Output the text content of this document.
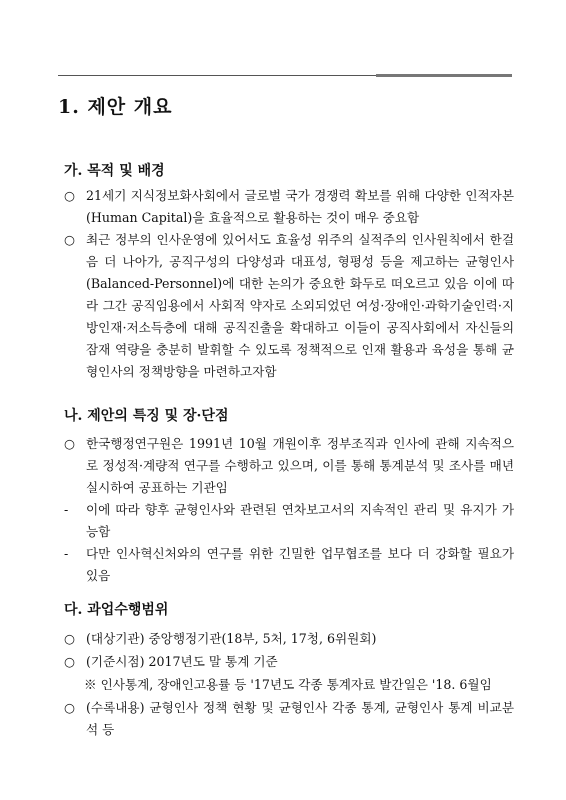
1. 제안 개요
가. 목적 및 배경
○ 21세기 지식정보화사회에서 글로벌 국가 경쟁력 확보를 위해 다양한 인적자본(Human Capital)을 효율적으로 활용하는 것이 매우 중요함
○ 최근 정부의 인사운영에 있어서도 효율성 위주의 실적주의 인사원칙에서 한걸음 더 나아가, 공직구성의 다양성과 대표성, 형평성 등을 제고하는 균형인사(Balanced-Personnel)에 대한 논의가 중요한 화두로 떠오르고 있음 이에 따라 그간 공직임용에서 사회적 약자로 소외되었던 여성·장애인·과학기술인력·지방인재·저소득층에 대해 공직진출을 확대하고 이들이 공직사회에서 자신들의 잠재 역량을 충분히 발휘할 수 있도록 정책적으로 인재 활용과 육성을 통해 균형인사의 정책방향을 마련하고자함
나. 제안의 특징 및 장·단점
○ 한국행정연구원은 1991년 10월 개원이후 정부조직과 인사에 관해 지속적으로 정성적·계량적 연구를 수행하고 있으며, 이를 통해 통계분석 및 조사를 매년 실시하여 공표하는 기관임
-	이에 따라 향후 균형인사와 관련된 연차보고서의 지속적인 관리 및 유지가 가능함
-	다만 인사혁신처와의 연구를 위한 긴밀한 업무협조를 보다 더 강화할 필요가 있음
다. 과업수행범위
○ (대상기관) 중앙행정기관(18부, 5처, 17청, 6위원회)
○ (기준시점) 2017년도 말 통계 기준
※ 인사통계, 장애인고용률 등 '17년도 각종 통계자료 발간일은 '18. 6월임
○ (수록내용) 균형인사 정책 현황 및 균형인사 각종 통계, 균형인사 통계 비교분석 등
